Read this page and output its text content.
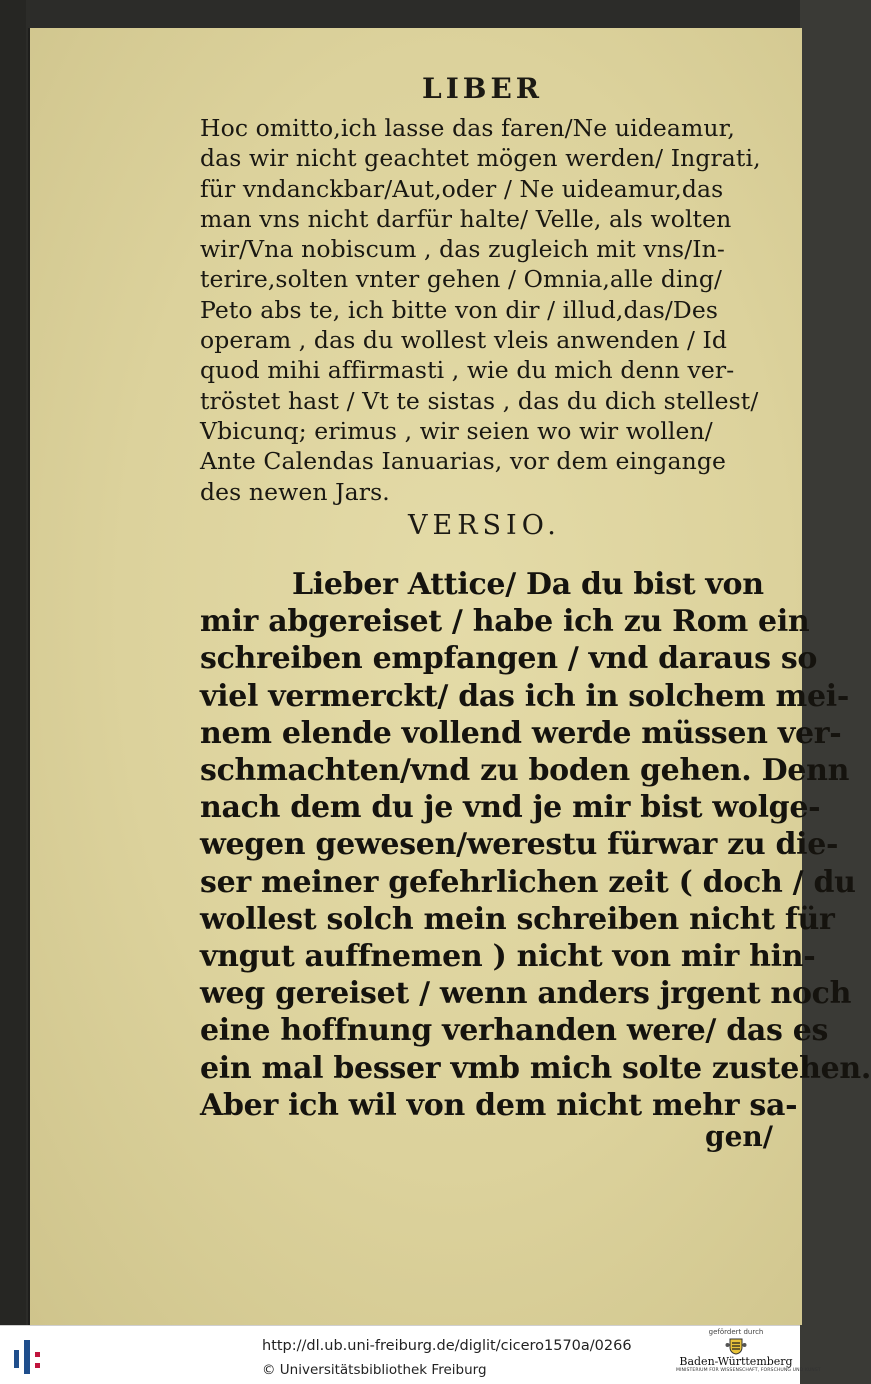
LIBER
Hoc omitto,ich lasse das faren/Ne uideamur,
das wir nicht geachtet mögen werden/ Ingrati,
für vndanckbar/Aut,oder / Ne uideamur,das
man vns nicht darfür halte/ Velle, als wolten
wir/Vna nobiscum , das zugleich mit vns/In-
terire,solten vnter gehen / Omnia,alle ding/
Peto abs te, ich bitte von dir / illud,das/Des
operam , das du wollest vleis anwenden / Id
quod mihi affirmasti , wie du mich denn ver-
tröstet hast / Vt te sistas , das du dich stellest/
Vbicunq; erimus , wir seien wo wir wollen/
Ante Calendas Ianuarias, vor dem eingange
des newen Jars.
VERSIO.
Lieber Attice/ Da du bist von
mir abgereiset / habe ich zu Rom ein
schreiben empfangen / vnd daraus so
viel vermerckt/ das ich in solchem mei-
nem elende vollend werde müssen ver-
schmachten/vnd zu boden gehen. Denn
nach dem du je vnd je mir bist wolge-
wegen gewesen/werestu fürwar zu die-
ser meiner gefehrlichen zeit ( doch / du
wollest solch mein schreiben nicht für
vngut auffnemen ) nicht von mir hin-
weg gereiset / wenn anders jrgent noch
eine hoffnung verhanden were/ das es
ein mal besser vmb mich solte zustehen.
Aber ich wil von dem nicht mehr sa-
gen/
http://dl.ub.uni-freiburg.de/diglit/cicero1570a/0266
© Universitätsbibliothek Freiburg
gefördert durch
Baden-Württemberg
MINISTERIUM FÜR WISSENSCHAFT, FORSCHUNG UND KUNST
